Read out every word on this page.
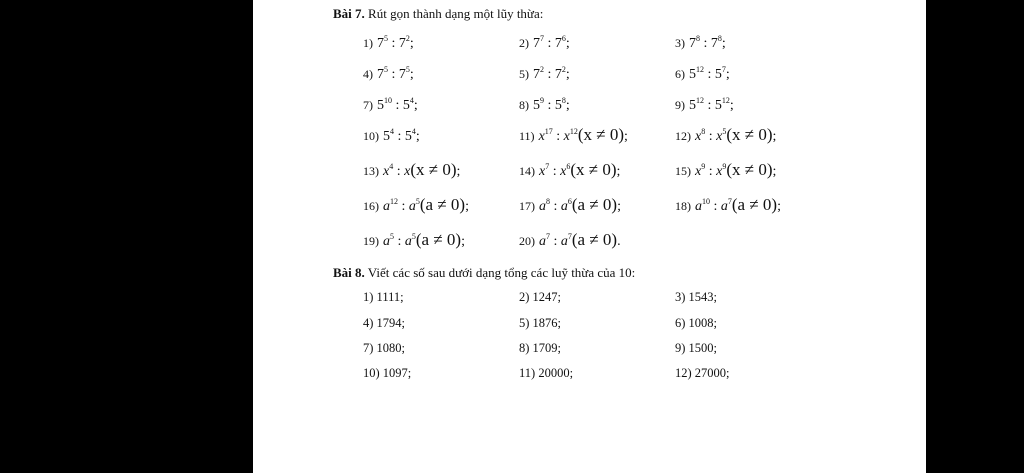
Bài 7. Rút gọn thành dạng một lũy thừa:
1) $7^5$ : $7^2$;	2) $7^7$ : $7^6$;	3) $7^8$ : $7^8$;
4) $7^5$ : $7^5$;	5) $7^2$ : $7^2$;	6) $5^{12}$ : $5^7$;
7) $5^{10}$ : $5^4$;	8) $5^9$ : $5^8$;	9) $5^{12}$ : $5^{12}$;
10) $5^4$ : $5^4$;	11) $x^{17}$ : $x^{12}(x \ne 0)$;	12) $x^8$ : $x^5(x \ne 0)$;
13) $x^4$ : x(x ≠ 0);	14) $x^7$ : $x^6(x \ne 0)$;	15) $x^9$ : $x^9(x \ne 0)$;
16) $a^{12}$ : $a^5(a \ne 0)$;	17) $a^8$ : $a^6(a \ne 0)$;	18) $a^{10}$ : $a^7(a \ne 0)$;
19) $a^5$ : $a^5(a \ne 0)$;	20) $a^7$ : $a^7(a \ne 0)$.
Bài 8. Viết các số sau dưới dạng tổng các luỹ thừa của 10:
1) 1111;	2) 1247;	3) 1543;
4) 1794;	5) 1876;	6) 1008;
7) 1080;	8) 1709;	9) 1500;
10) 1097;	11) 20000;	12) 27000;
